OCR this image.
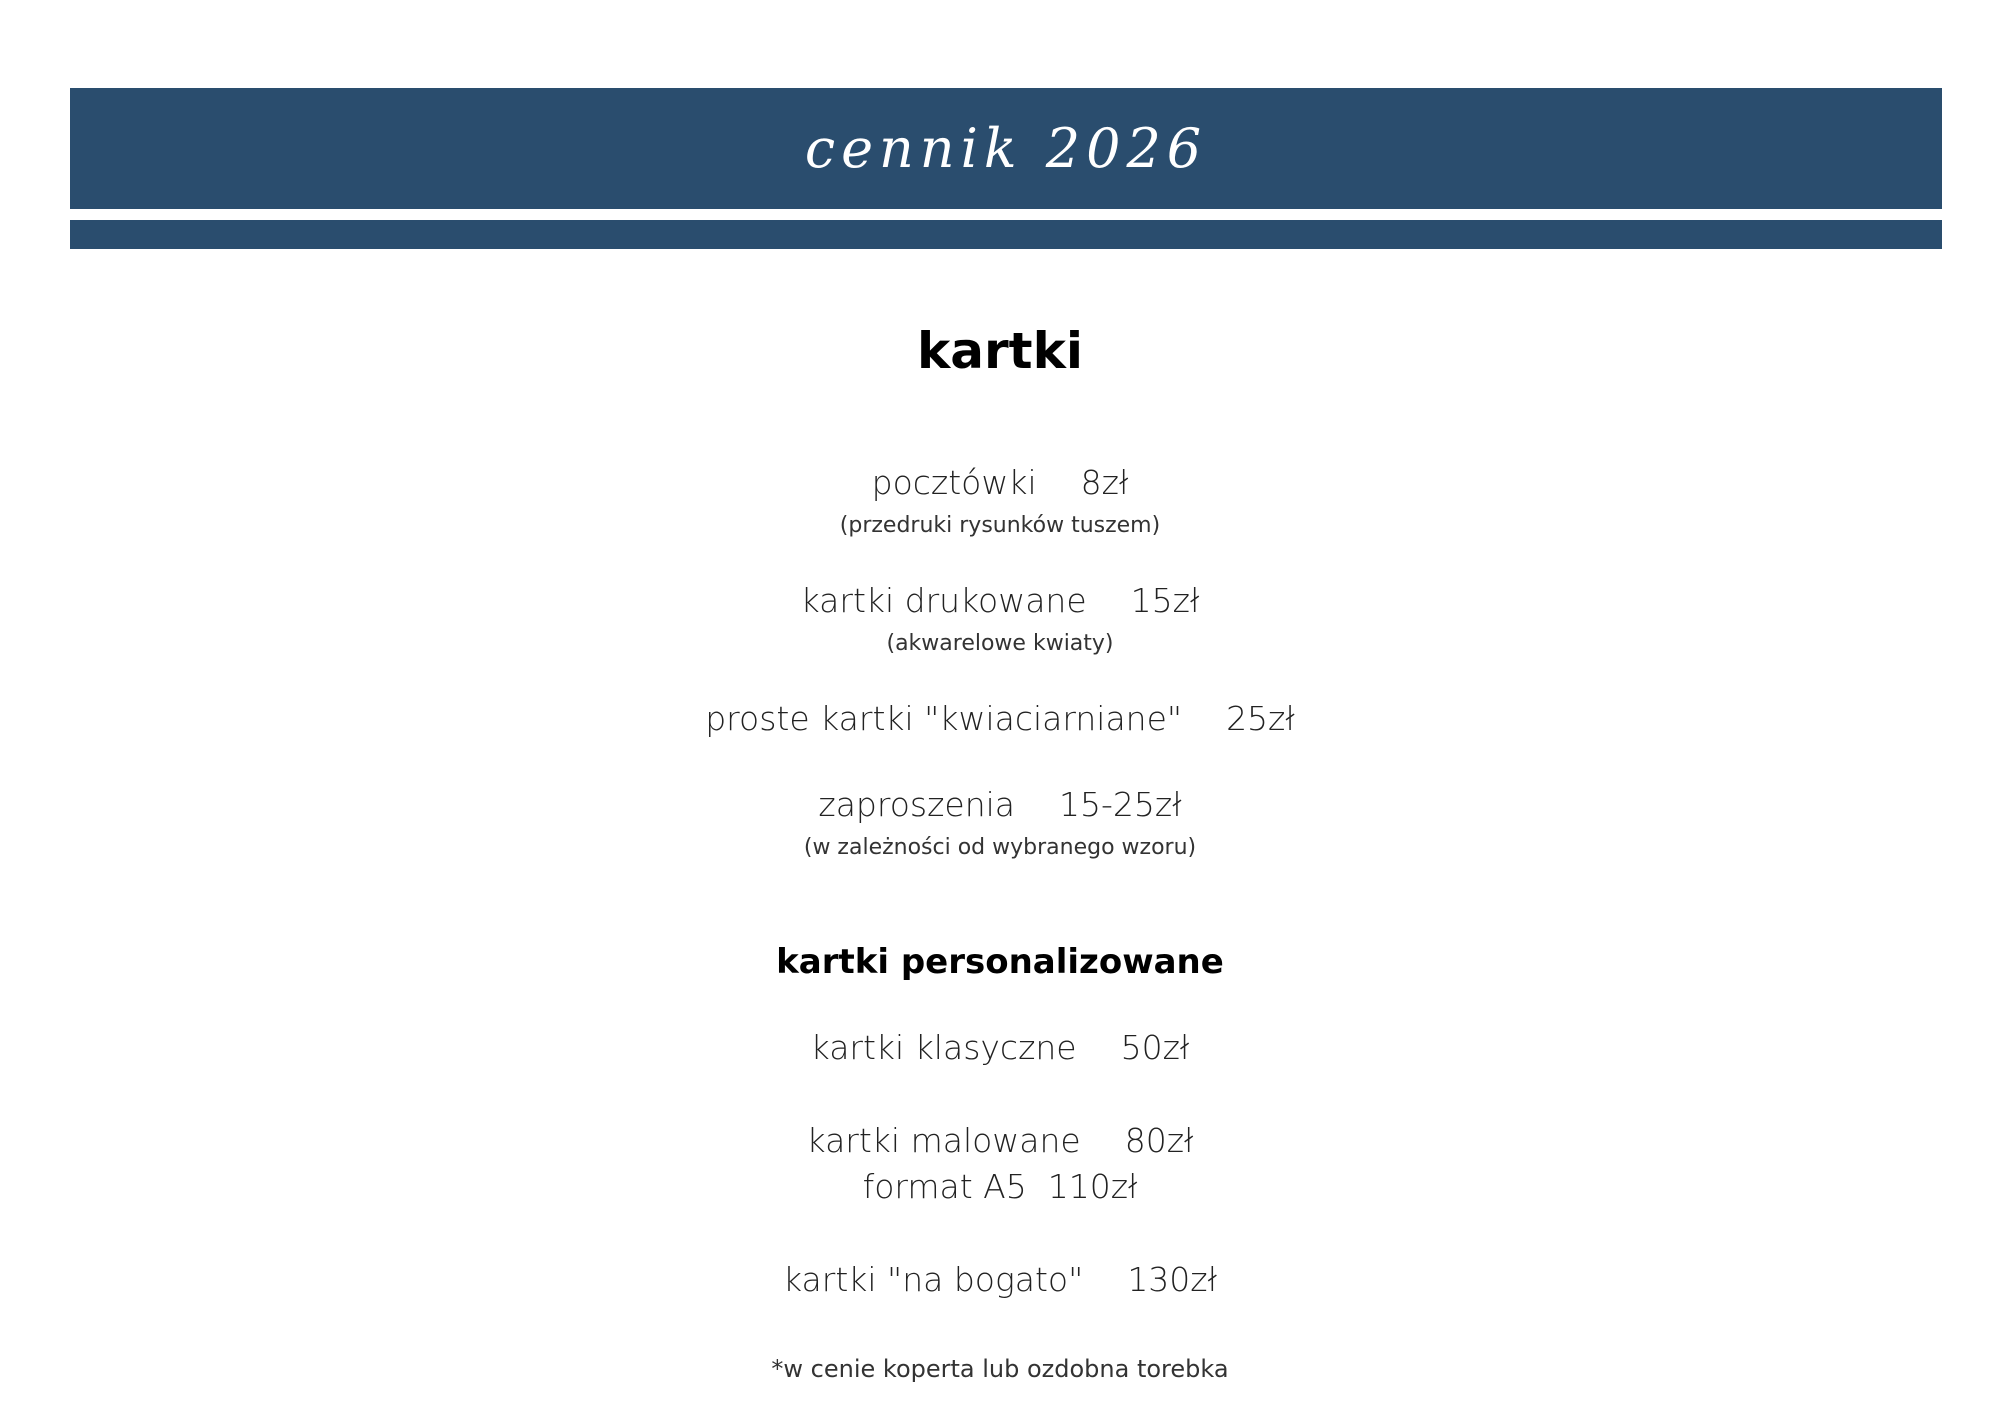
cennik 2026
kartki
pocztówki 8zł
(przedruki rysunków tuszem)
kartki drukowane 15zł
(akwarelowe kwiaty)
proste kartki "kwiaciarniane" 25zł
zaproszenia 15-25zł
(w zależności od wybranego wzoru)
kartki personalizowane
kartki klasyczne 50zł
kartki malowane 80zł
format A5  110zł
kartki "na bogato" 130zł
*w cenie koperta lub ozdobna torebka
